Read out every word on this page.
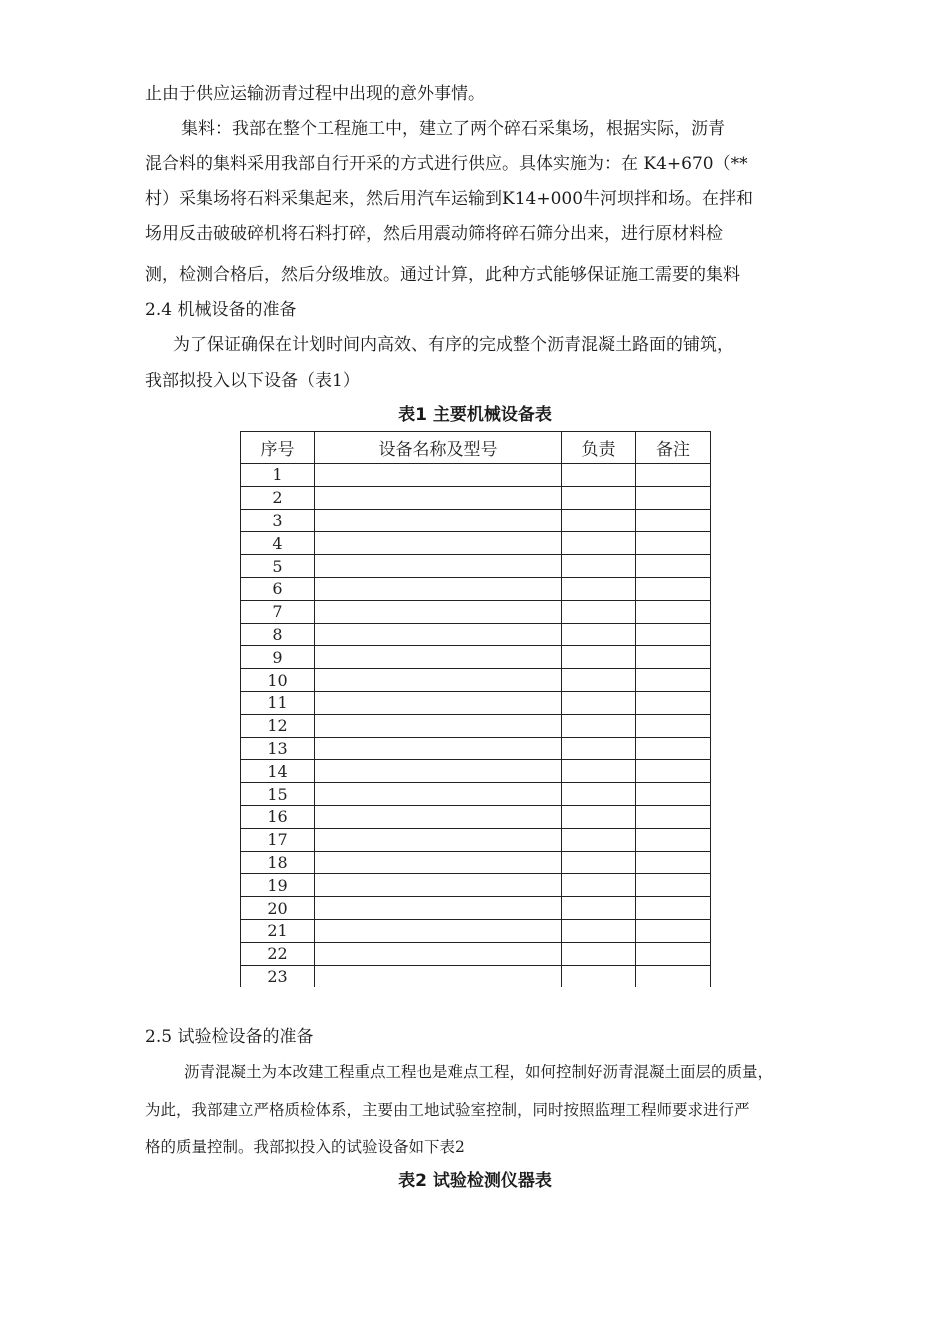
止由于供应运输沥青过程中出现的意外事情。
集料：我部在整个工程施工中，建立了两个碎石采集场，根据实际，沥青
混合料的集料采用我部自行开采的方式进行供应。具体实施为：在 K4+670（**
村）采集场将石料采集起来，然后用汽车运输到K14+000牛河坝拌和场。在拌和
场用反击破破碎机将石料打碎，然后用震动筛将碎石筛分出来，进行原材料检
测，检测合格后，然后分级堆放。通过计算，此种方式能够保证施工需要的集料
2.4 机械设备的准备
为了保证确保在计划时间内高效、有序的完成整个沥青混凝土路面的铺筑，
我部拟投入以下设备（表1）
表1 主要机械设备表
序号	设备名称及型号	负责	备注
1			
2			
3			
4			
5			
6			
7			
8			
9			
10			
11			
12			
13			
14			
15			
16			
17			
18			
19			
20			
21			
22			
23			
2.5 试验检设备的准备
沥青混凝土为本改建工程重点工程也是难点工程，如何控制好沥青混凝土面层的质量，
为此，我部建立严格质检体系，主要由工地试验室控制，同时按照监理工程师要求进行严
格的质量控制。我部拟投入的试验设备如下表2
表2 试验检测仪器表
